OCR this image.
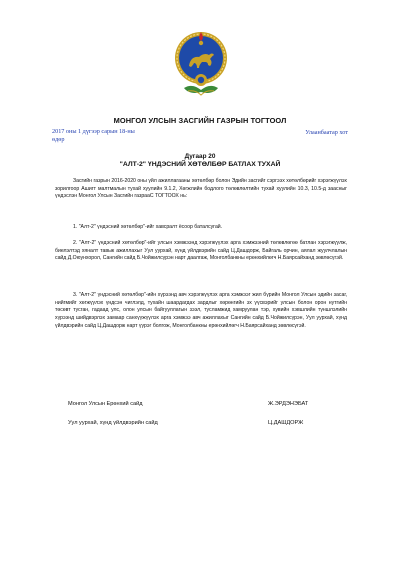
МОНГОЛ УЛСЫН ЗАСГИЙН ГАЗРЫН ТОГТООЛ
2017 оны 1 дүгээр сарын 18-ны
өдөр
Улаанбаатар хот
Дугаар 20
"АЛТ-2" ҮНДЭСНИЙ ХӨТӨЛБӨР БАТЛАХ ТУХАЙ
Засгийн газрын 2016-2020 оны үйл ажиллагааны хөтөлбөр болон Эдийн засгийг сэргээх хөтөлбөрийг хэрэгжүүлэх зорилгоор Ашигт малтмалын тухай хуулийн 9.1.2, Хөгжлийн бодлого төлөвлөлтийн тухай хуулийн 10.3, 10.5-д заасныг үндэслэн Монгол Улсын Засгийн газрааС ТОГТООХ нь:
1. "Алт-2" үндэсний хөтөлбөр"-ийг хавсралт ёсоор баталсугай.
2. "Алт-2" үндэсний хөтөлбөр"-ийг улсын хэмжээнд хэрэгжүүлэх арга хэмжээний төлөвлөгөө батлан хэрэгжүүлж, биелэлтэд хяналт тавьж ажиллахыг Уул уурхай, хүнд үйлдвэрийн сайд Ц.Дашдорж, Байгаль орчин, аялал жуулчлалын сайд Д.Оюунхорол, Сангийн сайд Б.Чойжилсүрэн нарт даалгаж, Монголбанкны ерөнхийлөгч Н.Баярсайханд зөвлөсүгэй.
3. "Алт-2" үндэсний хөтөлбөр"-ийн хүрээнд авч хэрэгжүүлэх арга хэмжээг жил бүрийн Монгол Улсын эдийн засаг, нийгмийг хөгжүүлэх үндсэн чиглэлд, тухайн шаардагдах зардлыг хөрөнгийн эх үүсвэрийг улсын болон орон нутгийн төсөвт тусган, гадаад улс, олон улсын байгууллагын зээл, тусламжид хамруулан тэр, хувийн хэвшлийн түншлэлийн хүрээнд шийдвэрлэх замаар санхүүжүүлэх арга хэмжээ авч ажиллахыг Сангийн сайд Б.Чойжилсүрэн, Уул уурхай, хүнд үйлдвэрийн сайд Ц.Дашдорж нарт үүрэг болгож, Монголбанкны ерөнхийлөгч Н.Баярсайханд зөвлөсүгэй.
Монгол Улсын Ерөнхий сайд	Ж.ЭРДЭНЭБАТ
Уул уурхай, хүнд үйлдвэрийн сайд	Ц.ДАШДОРЖ
